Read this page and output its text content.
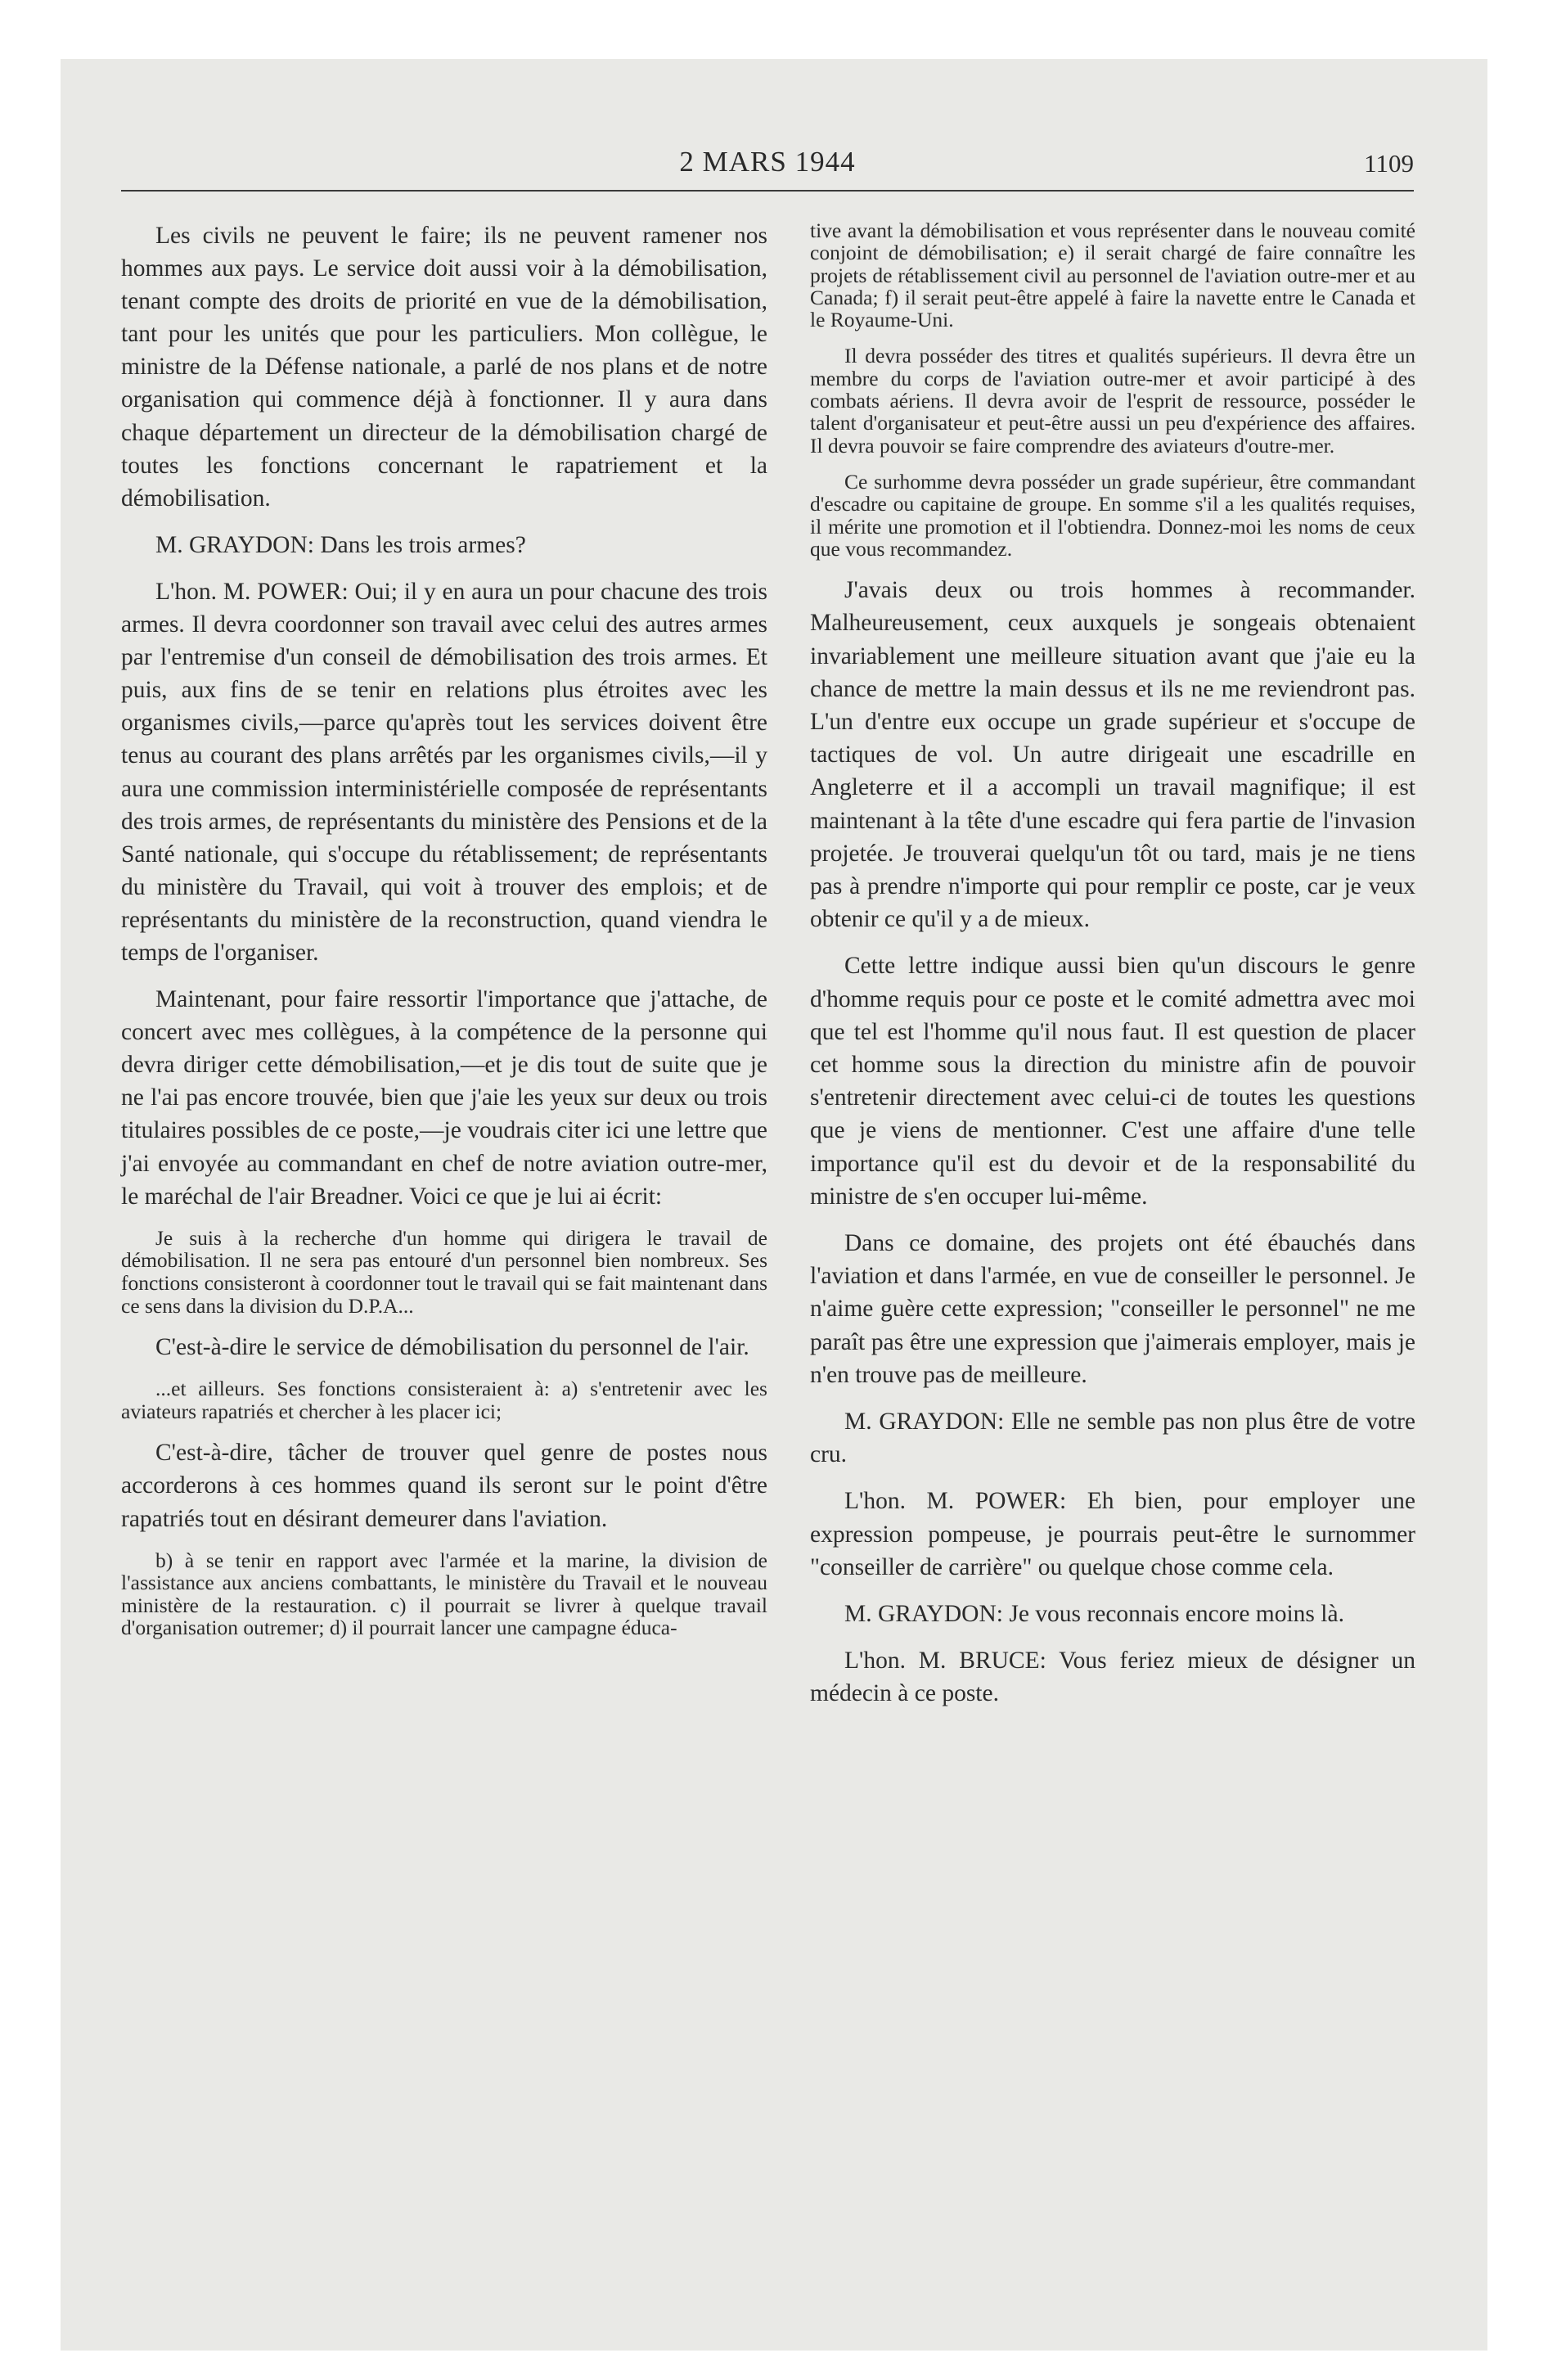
2 MARS 1944	1109

Les civils ne peuvent le faire; ils ne peuvent ramener nos hommes aux pays. Le service doit aussi voir à la démobilisation, tenant compte des droits de priorité en vue de la démobilisation, tant pour les unités que pour les particuliers. Mon collègue, le ministre de la Défense nationale, a parlé de nos plans et de notre organisation qui commence déjà à fonctionner. Il y aura dans chaque département un directeur de la démobilisation chargé de toutes les fonctions concernant le rapatriement et la démobilisation.

M. GRAYDON: Dans les trois armes?

L'hon. M. POWER: Oui; il y en aura un pour chacune des trois armes. Il devra coordonner son travail avec celui des autres armes par l'entremise d'un conseil de démobilisation des trois armes. Et puis, aux fins de se tenir en relations plus étroites avec les organismes civils,—parce qu'après tout les services doivent être tenus au courant des plans arrêtés par les organismes civils,—il y aura une commission interministérielle composée de représentants des trois armes, de représentants du ministère des Pensions et de la Santé nationale, qui s'occupe du rétablissement; de représentants du ministère du Travail, qui voit à trouver des emplois; et de représentants du ministère de la reconstruction, quand viendra le temps de l'organiser.

Maintenant, pour faire ressortir l'importance que j'attache, de concert avec mes collègues, à la compétence de la personne qui devra diriger cette démobilisation,—et je dis tout de suite que je ne l'ai pas encore trouvée, bien que j'aie les yeux sur deux ou trois titulaires possibles de ce poste,—je voudrais citer ici une lettre que j'ai envoyée au commandant en chef de notre aviation outre-mer, le maréchal de l'air Breadner. Voici ce que je lui ai écrit:

Je suis à la recherche d'un homme qui dirigera le travail de démobilisation. Il ne sera pas entouré d'un personnel bien nombreux. Ses fonctions consisteront à coordonner tout le travail qui se fait maintenant dans ce sens dans la division du D.P.A...

C'est-à-dire le service de démobilisation du personnel de l'air.

...et ailleurs. Ses fonctions consisteraient à: a) s'entretenir avec les aviateurs rapatriés et chercher à les placer ici;

C'est-à-dire, tâcher de trouver quel genre de postes nous accorderons à ces hommes quand ils seront sur le point d'être rapatriés tout en désirant demeurer dans l'aviation.

b) à se tenir en rapport avec l'armée et la marine, la division de l'assistance aux anciens combattants, le ministère du Travail et le nouveau ministère de la restauration. c) il pourrait se livrer à quelque travail d'organisation outremer; d) il pourrait lancer une campagne éduca-

tive avant la démobilisation et vous représenter dans le nouveau comité conjoint de démobilisation; e) il serait chargé de faire connaître les projets de rétablissement civil au personnel de l'aviation outre-mer et au Canada; f) il serait peut-être appelé à faire la navette entre le Canada et le Royaume-Uni.

Il devra posséder des titres et qualités supérieurs. Il devra être un membre du corps de l'aviation outre-mer et avoir participé à des combats aériens. Il devra avoir de l'esprit de ressource, posséder le talent d'organisateur et peut-être aussi un peu d'expérience des affaires. Il devra pouvoir se faire comprendre des aviateurs d'outre-mer.

Ce surhomme devra posséder un grade supérieur, être commandant d'escadre ou capitaine de groupe. En somme s'il a les qualités requises, il mérite une promotion et il l'obtiendra. Donnez-moi les noms de ceux que vous recommandez.

J'avais deux ou trois hommes à recommander. Malheureusement, ceux auxquels je songeais obtenaient invariablement une meilleure situation avant que j'aie eu la chance de mettre la main dessus et ils ne me reviendront pas. L'un d'entre eux occupe un grade supérieur et s'occupe de tactiques de vol. Un autre dirigeait une escadrille en Angleterre et il a accompli un travail magnifique; il est maintenant à la tête d'une escadre qui fera partie de l'invasion projetée. Je trouverai quelqu'un tôt ou tard, mais je ne tiens pas à prendre n'importe qui pour remplir ce poste, car je veux obtenir ce qu'il y a de mieux.

Cette lettre indique aussi bien qu'un discours le genre d'homme requis pour ce poste et le comité admettra avec moi que tel est l'homme qu'il nous faut. Il est question de placer cet homme sous la direction du ministre afin de pouvoir s'entretenir directement avec celui-ci de toutes les questions que je viens de mentionner. C'est une affaire d'une telle importance qu'il est du devoir et de la responsabilité du ministre de s'en occuper lui-même.

Dans ce domaine, des projets ont été ébauchés dans l'aviation et dans l'armée, en vue de conseiller le personnel. Je n'aime guère cette expression; "conseiller le personnel" ne me paraît pas être une expression que j'aimerais employer, mais je n'en trouve pas de meilleure.

M. GRAYDON: Elle ne semble pas non plus être de votre cru.

L'hon. M. POWER: Eh bien, pour employer une expression pompeuse, je pourrais peut-être le surnommer "conseiller de carrière" ou quelque chose comme cela.

M. GRAYDON: Je vous reconnais encore moins là.

L'hon. M. BRUCE: Vous feriez mieux de désigner un médecin à ce poste.
